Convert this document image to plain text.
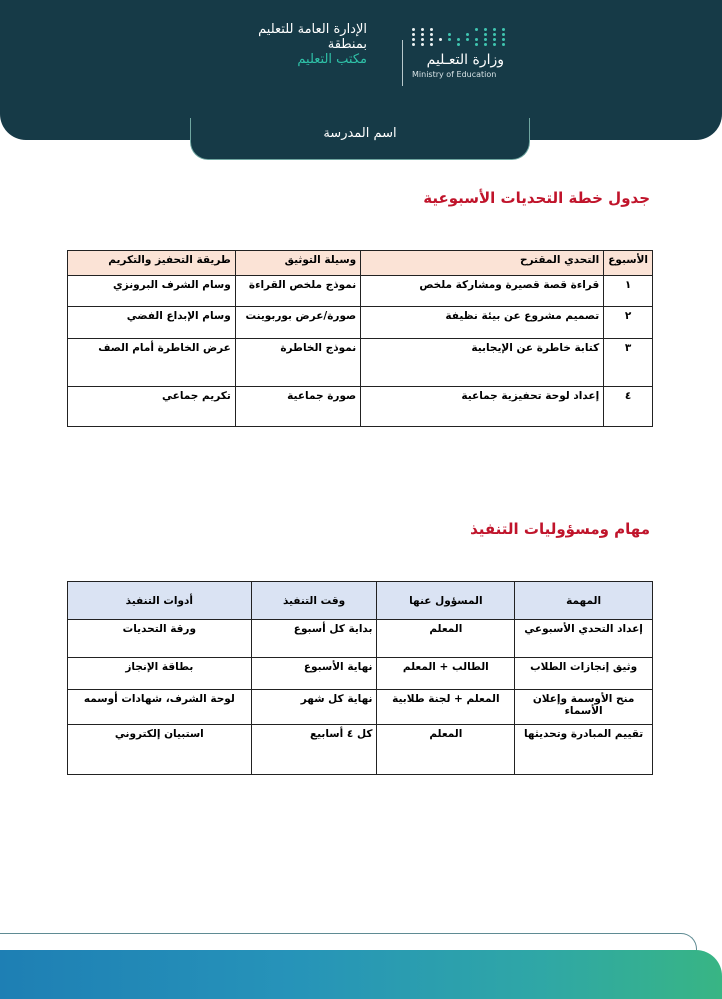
الإدارة العامة للتعليم
بمنطقة
مكتب التعليم	وزارة التعـليم
Ministry of Education
اسم المدرسة
جدول خطة التحديات الأسبوعية
الأسبوع	التحدي المقترح	وسيلة التوثيق	طريقة التحفيز والتكريم
١	قراءة قصة قصيرة ومشاركة ملخص	نموذج ملخص القراءة	وسام الشرف البرونزي
٢	تصميم مشروع عن بيئة نظيفة	صورة/عرض بوربوينت	وسام الإبداع الفضي
٣	كتابة خاطرة عن الإيجابية	نموذج الخاطرة	عرض الخاطرة أمام الصف
٤	إعداد لوحة تحفيزية جماعية	صورة جماعية	تكريم جماعي
مهام ومسؤوليات التنفيذ
المهمة	المسؤول عنها	وقت التنفيذ	أدوات التنفيذ
إعداد التحدي الأسبوعي	المعلم	بداية كل أسبوع	ورقة التحديات
وثيق إنجازات الطلاب	الطالب + المعلم	نهاية الأسبوع	بطاقة الإنجاز
منح الأوسمة وإعلان الأسماء	المعلم + لجنة طلابية	نهاية كل شهر	لوحة الشرف، شهادات أوسمه
تقييم المبادرة وتحديثها	المعلم	كل ٤ أسابيع	استبيان إلكتروني
